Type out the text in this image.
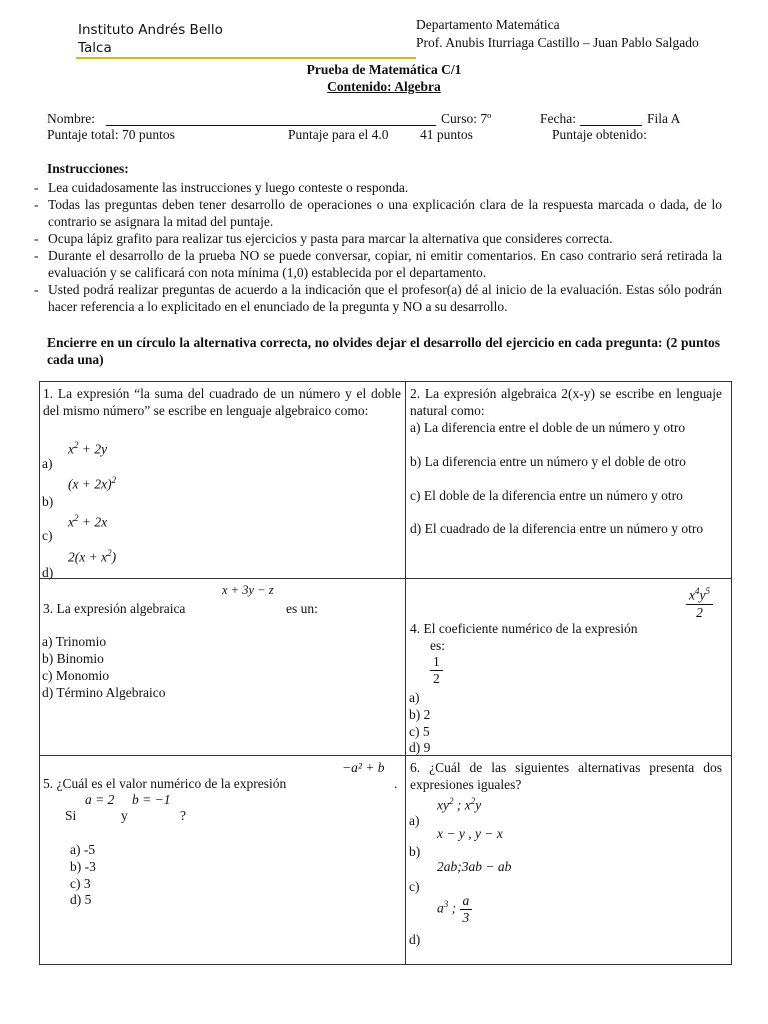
Instituto Andrés Bello
Talca
Departamento Matemática
Prof. Anubis Iturriaga Castillo – Juan Pablo Salgado
Prueba de Matemática C/1
Contenido: Algebra
Nombre:	Curso: 7º	Fecha:	Fila A
Puntaje total: 70 puntos	Puntaje para el 4.0 41 puntos	Puntaje obtenido:
Instrucciones:
- Lea cuidadosamente las instrucciones y luego conteste o responda.
- Todas las preguntas deben tener desarrollo de operaciones o una explicación clara de la respuesta marcada o dada, de lo contrario se asignara la mitad del puntaje.
- Ocupa lápiz grafito para realizar tus ejercicios y pasta para marcar la alternativa que consideres correcta.
- Durante el desarrollo de la prueba NO se puede conversar, copiar, ni emitir comentarios. En caso contrario será retirada la evaluación y se calificará con nota mínima (1,0) establecida por el departamento.
- Usted podrá realizar preguntas de acuerdo a la indicación que el profesor(a) dé al inicio de la evaluación. Estas sólo podrán hacer referencia a lo explicitado en el enunciado de la pregunta y NO a su desarrollo.
Encierre en un círculo la alternativa correcta, no olvides dejar el desarrollo del ejercicio en cada pregunta: (2 puntos cada una)
1. La expresión “la suma del cuadrado de un número y el doble del mismo número” se escribe en lenguaje algebraico como:
$x^2 + 2y$
a)
$(x + 2x)^2$
b)
$x^2 + 2x$
c)
$2(x + x^2)$
d)
2. La expresión algebraica 2(x-y) se escribe en lenguaje natural como:
a) La diferencia entre el doble de un número y otro
b) La diferencia entre un número y el doble de otro
c) El doble de la diferencia entre un número y otro
d) El cuadrado de la diferencia entre un número y otro
x + 3y − z
3. La expresión algebraica	es un:
a) Trinomio
b) Binomio
c) Monomio
d) Término Algebraico
$\frac{x^4y^5}{2}$
4. El coeficiente numérico de la expresión
es:
$\frac{1}{2}$
a)
b) 2
c) 5
d) 9
−a² + b
5. ¿Cuál es el valor numérico de la expresión	.
a = 2 b = −1
Si	y	?
a) -5
b) -3
c) 3
d) 5
6. ¿Cuál de las siguientes alternativas presenta dos expresiones iguales?
$xy^2$ ; $x^2y$
a)
x − y , y − x
b)
2ab;3ab − ab
c)
$a^3$ ; $\frac{a}{3}$
d)
